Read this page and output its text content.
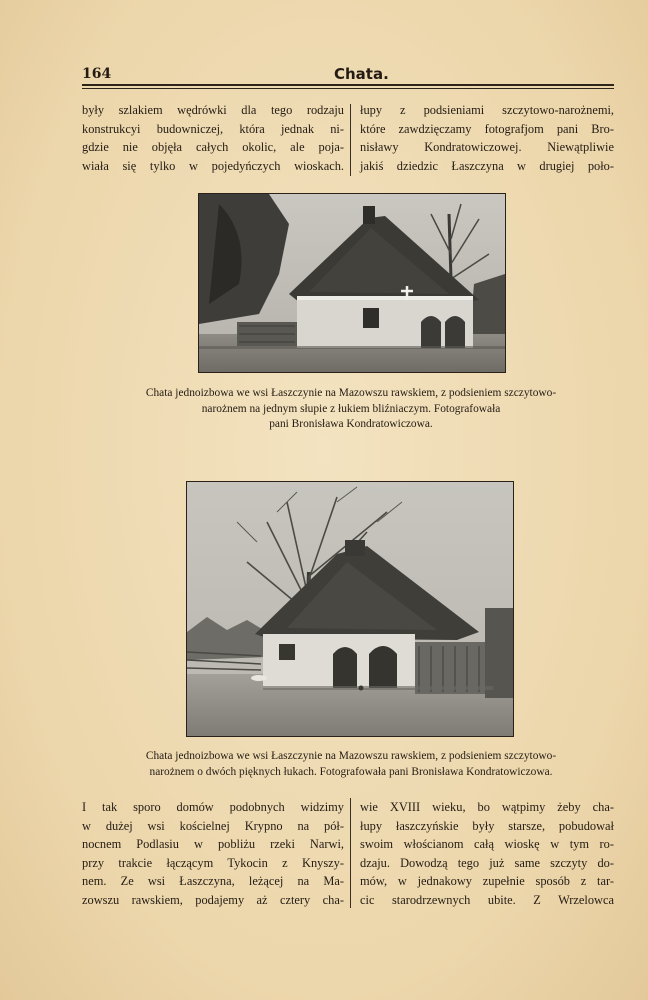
164	Chata.
były szlakiem wędrówki dla tego rodzaju
konstrukcyi budowniczej, która jednak ni-
gdzie nie objęła całych okolic, ale poja-
wiała się tylko w pojedyńczych wioskach.
łupy z podsieniami szczytowo-narożnemi,
które zawdzięczamy fotografjom pani Bro-
nisławy Kondratowiczowej. Niewątpliwie
jakiś dziedzic Łaszczyna w drugiej poło-
Chata jednoizbowa we wsi Łaszczynie na Mazowszu rawskiem, z podsieniem szczytowo-
narożnem na jednym słupie z łukiem bliźniaczym. Fotografowała
pani Bronisława Kondratowiczowa.
Chata jednoizbowa we wsi Łaszczynie na Mazowszu rawskiem, z podsieniem szczytowo-
narożnem o dwóch pięknych łukach. Fotografowała pani Bronisława Kondratowiczowa.
I tak sporo domów podobnych widzimy
w dużej wsi kościelnej Krypno na pół-
nocnem Podlasiu w pobliżu rzeki Narwi,
przy trakcie łączącym Tykocin z Knyszy-
nem. Ze wsi Łaszczyna, leżącej na Ma-
zowszu rawskiem, podajemy aż cztery cha-
wie XVIII wieku, bo wątpimy żeby cha-
łupy łaszczyńskie były starsze, pobudował
swoim włościanom całą wioskę w tym ro-
dzaju. Dowodzą tego już same szczyty do-
mów, w jednakowy zupełnie sposób z tar-
cic starodrzewnych ubite. Z Wrzelowca
